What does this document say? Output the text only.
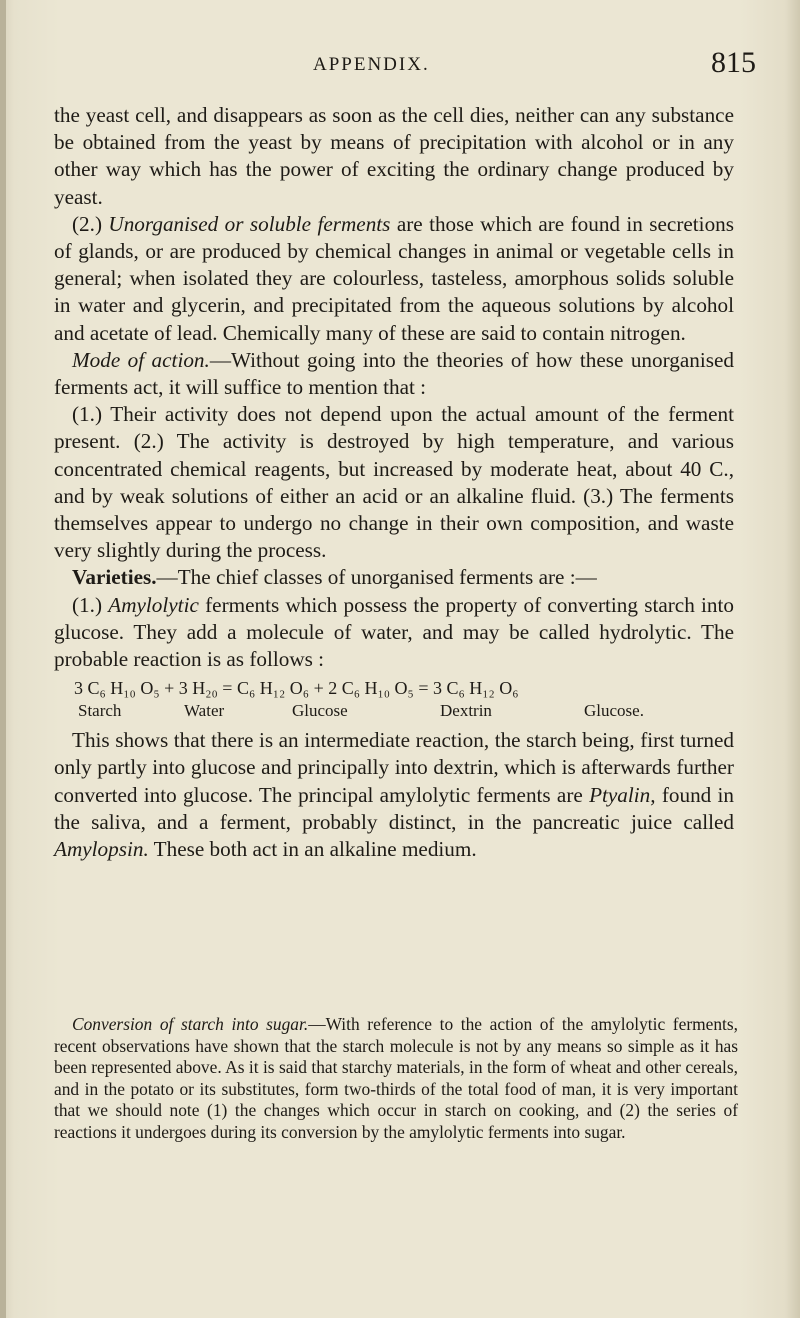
APPENDIX.	815

the yeast cell, and disappears as soon as the cell dies, neither can any substance be obtained from the yeast by means of precipitation with alcohol or in any other way which has the power of exciting the ordinary change produced by yeast.

(2.) Unorganised or soluble ferments are those which are found in secretions of glands, or are produced by chemical changes in animal or vegetable cells in general; when isolated they are colourless, tasteless, amorphous solids soluble in water and glycerin, and precipitated from the aqueous solutions by alcohol and acetate of lead. Chemically many of these are said to contain nitrogen.

Mode of action.—Without going into the theories of how these unorganised ferments act, it will suffice to mention that :

(1.) Their activity does not depend upon the actual amount of the ferment present. (2.) The activity is destroyed by high temperature, and various concentrated chemical reagents, but increased by moderate heat, about 40 C., and by weak solutions of either an acid or an alkaline fluid. (3.) The ferments themselves appear to undergo no change in their own composition, and waste very slightly during the process.

Varieties.—The chief classes of unorganised ferments are :—

(1.) Amylolytic ferments which possess the property of converting starch into glucose. They add a molecule of water, and may be called hydrolytic. The probable reaction is as follows :

3 C₆ H₁₀ O₅ + 3 H₂₀ = C₆ H₁₂ O₆ + 2 C₆ H₁₀ O₅ = 3 C₆ H₁₂ O₆
Starch	Water	Glucose	Dextrin	Glucose.

This shows that there is an intermediate reaction, the starch being, first turned only partly into glucose and principally into dextrin, which is afterwards further converted into glucose. The principal amylolytic ferments are Ptyalin, found in the saliva, and a ferment, probably distinct, in the pancreatic juice called Amylopsin. These both act in an alkaline medium.

Conversion of starch into sugar.—With reference to the action of the amylolytic ferments, recent observations have shown that the starch molecule is not by any means so simple as it has been represented above. As it is said that starchy materials, in the form of wheat and other cereals, and in the potato or its substitutes, form two-thirds of the total food of man, it is very important that we should note (1) the changes which occur in starch on cooking, and (2) the series of reactions it undergoes during its conversion by the amylolytic ferments into sugar.
